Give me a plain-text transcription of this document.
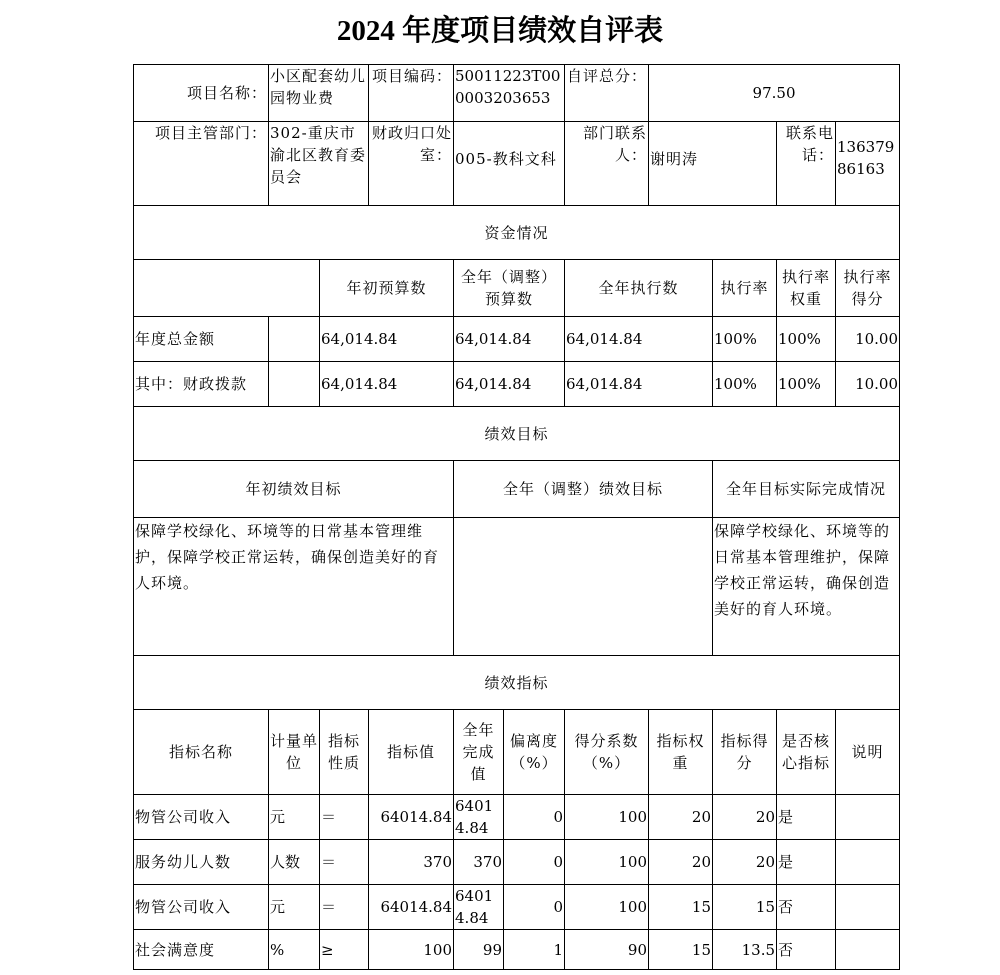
2024 年度项目绩效自评表
项目名称：	小区配套幼儿园物业费		项目编码：	50011223T000003203653		自评总分：	97.50			
项目主管部门：	302-重庆市渝北区教育委员会		财政归口处室：	005-教科文科		部门联系人：	谢明涛		联系电话：	13637986163
资金情况										
		年初预算数		全年（调整）预算数		全年执行数		执行率	执行率权重	执行率得分
年度总金额		64,014.84		64,014.84		64,014.84		100%	100%	10.00
其中：财政拨款		64,014.84		64,014.84		64,014.84		100%	100%	10.00
绩效目标										
年初绩效目标				全年（调整）绩效目标				全年目标实际完成情况		
保障学校绿化、环境等的日常基本管理维护，保障学校正常运转，确保创造美好的育人环境。								保障学校绿化、环境等的日常基本管理维护，保障学校正常运转，确保创造美好的育人环境。		
绩效指标										
指标名称	计量单位	指标性质	指标值	全年完成值	偏离度（%）	得分系数（%）	指标权重	指标得分	是否核心指标	说明
物管公司收入	元	＝	64014.84	64014.84	0	100	20	20	是	
服务幼儿人数	人数	＝	370	370	0	100	20	20	是	
物管公司收入	元	＝	64014.84	64014.84	0	100	15	15	否	
社会满意度	%	≥	100	99	1	90	15	13.5	否	
